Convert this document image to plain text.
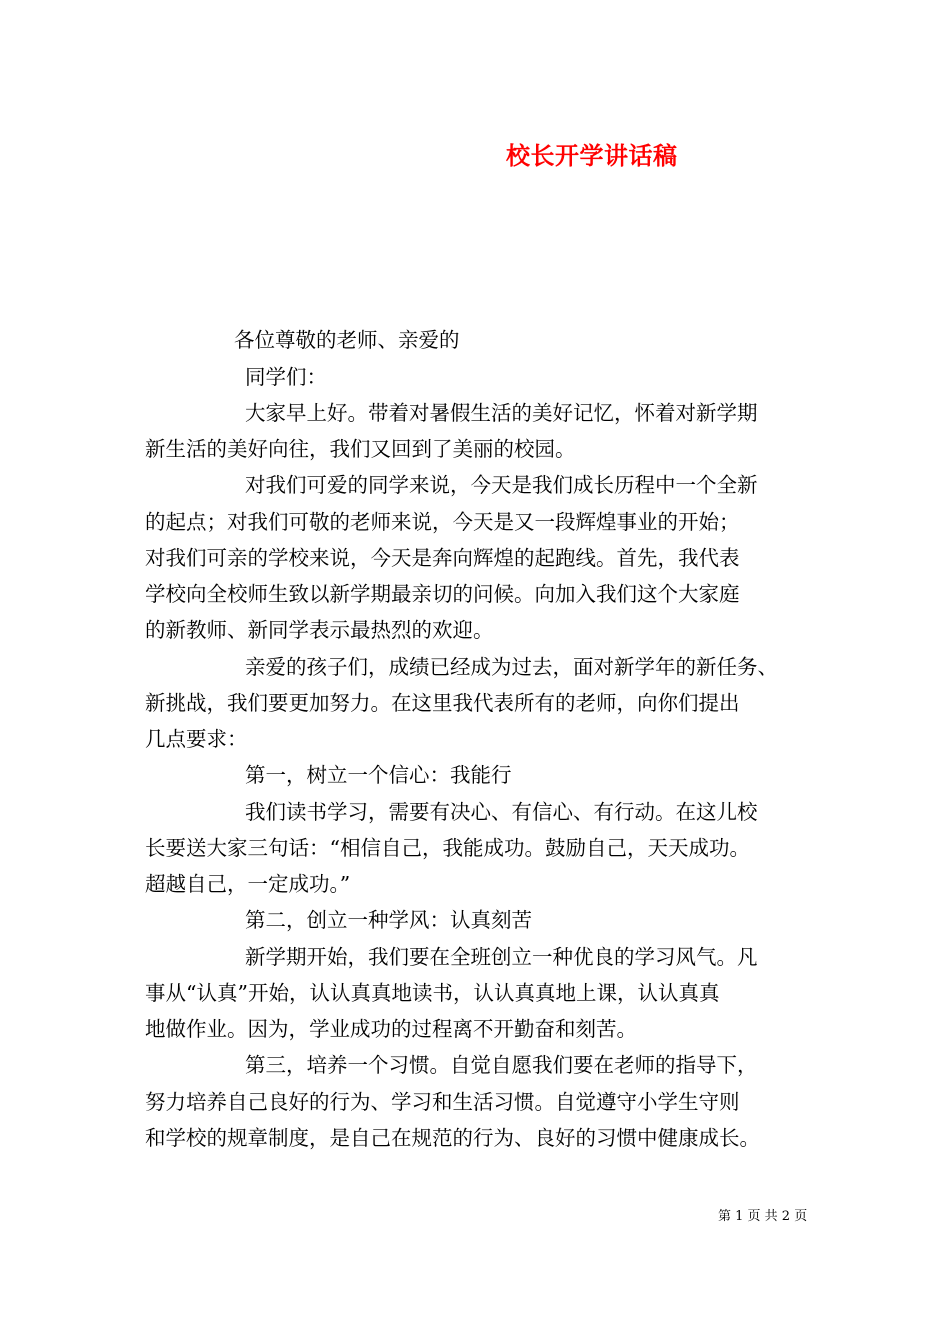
校长开学讲话稿
各位尊敬的老师、亲爱的
同学们：
大家早上好。带着对暑假生活的美好记忆，怀着对新学期
新生活的美好向往，我们又回到了美丽的校园。
对我们可爱的同学来说，今天是我们成长历程中一个全新
的起点；对我们可敬的老师来说，今天是又一段辉煌事业的开始；
对我们可亲的学校来说，今天是奔向辉煌的起跑线。首先，我代表
学校向全校师生致以新学期最亲切的问候。向加入我们这个大家庭
的新教师、新同学表示最热烈的欢迎。
亲爱的孩子们，成绩已经成为过去，面对新学年的新任务、
新挑战，我们要更加努力。在这里我代表所有的老师，向你们提出
几点要求：
第一，树立一个信心：我能行
我们读书学习，需要有决心、有信心、有行动。在这儿校
长要送大家三句话：“相信自己，我能成功。鼓励自己，天天成功。
超越自己，一定成功。”
第二，创立一种学风：认真刻苦
新学期开始，我们要在全班创立一种优良的学习风气。凡
事从“认真”开始，认认真真地读书，认认真真地上课，认认真真
地做作业。因为，学业成功的过程离不开勤奋和刻苦。
第三，培养一个习惯。自觉自愿我们要在老师的指导下，
努力培养自己良好的行为、学习和生活习惯。自觉遵守小学生守则
和学校的规章制度，是自己在规范的行为、良好的习惯中健康成长。
第 1 页 共 2 页
